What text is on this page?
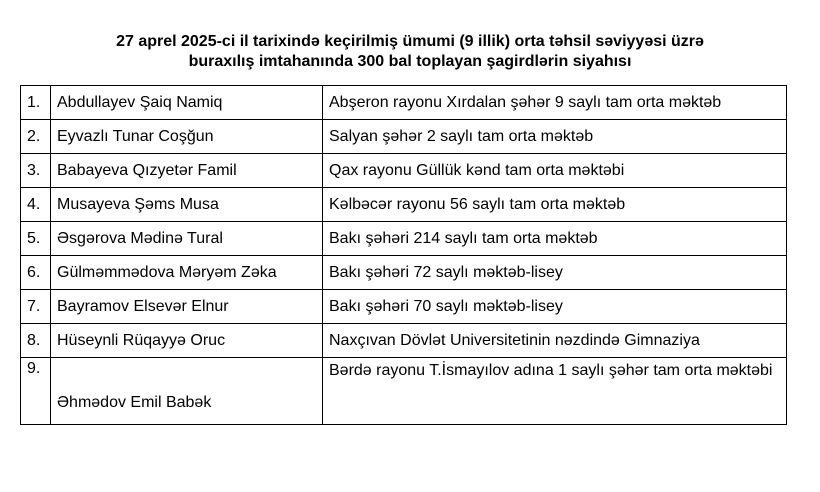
27 aprel 2025-ci il tarixində keçirilmiş ümumi (9 illik) orta təhsil səviyyəsi üzrə
buraxılış imtahanında 300 bal toplayan şagirdlərin siyahısı
1.	Abdullayev Şaiq Namiq	Abşeron rayonu Xırdalan şəhər 9 saylı tam orta məktəb
2.	Eyvazlı Tunar Coşğun	Salyan şəhər 2 saylı tam orta məktəb
3.	Babayeva Qızyetər Famil	Qax rayonu Güllük kənd tam orta məktəbi
4.	Musayeva Şəms Musa	Kəlbəcər rayonu 56 saylı tam orta məktəb
5.	Əsgərova Mədinə Tural	Bakı şəhəri 214 saylı tam orta məktəb
6.	Gülməmmədova Məryəm Zəka	Bakı şəhəri 72 saylı məktəb-lisey
7.	Bayramov Elsevər Elnur	Bakı şəhəri 70 saylı məktəb-lisey
8.	Hüseynli Rüqayyə Oruc	Naxçıvan Dövlət Universitetinin nəzdində Gimnaziya
9.	Əhmədov Emil Babək	Bərdə rayonu T.İsmayılov adına 1 saylı şəhər tam orta məktəbi
